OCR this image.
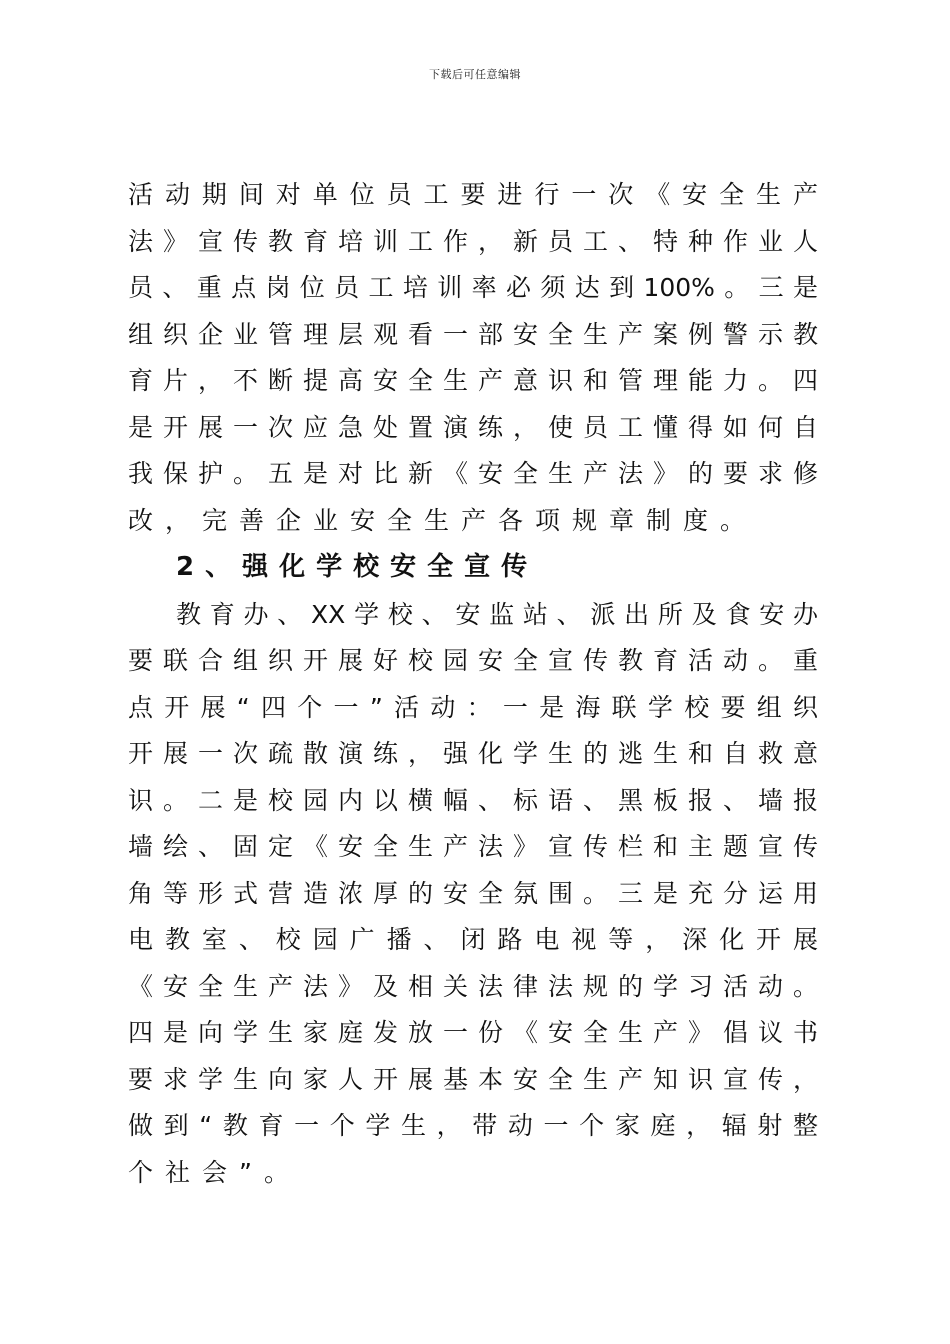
下载后可任意编辑
活动期间对单位员工要进行一次《安全生产
法》宣传教育培训工作，新员工、特种作业人
员、重点岗位员工培训率必须达到100%。三是
组织企业管理层观看一部安全生产案例警示教
育片，不断提高安全生产意识和管理能力。四
是开展一次应急处置演练，使员工懂得如何自
我保护。五是对比新《安全生产法》的要求修
改，完善企业安全生产各项规章制度。
2、强化学校安全宣传
教育办、XX学校、安监站、派出所及食安办
要联合组织开展好校园安全宣传教育活动。重
点开展“四个一”活动：一是海联学校要组织
开展一次疏散演练，强化学生的逃生和自救意
识。二是校园内以横幅、标语、黑板报、墙报
墙绘、固定《安全生产法》宣传栏和主题宣传
角等形式营造浓厚的安全氛围。三是充分运用
电教室、校园广播、闭路电视等，深化开展
《安全生产法》及相关法律法规的学习活动。
四是向学生家庭发放一份《安全生产》倡议书
要求学生向家人开展基本安全生产知识宣传，
做到“教育一个学生，带动一个家庭，辐射整
个社会”。
